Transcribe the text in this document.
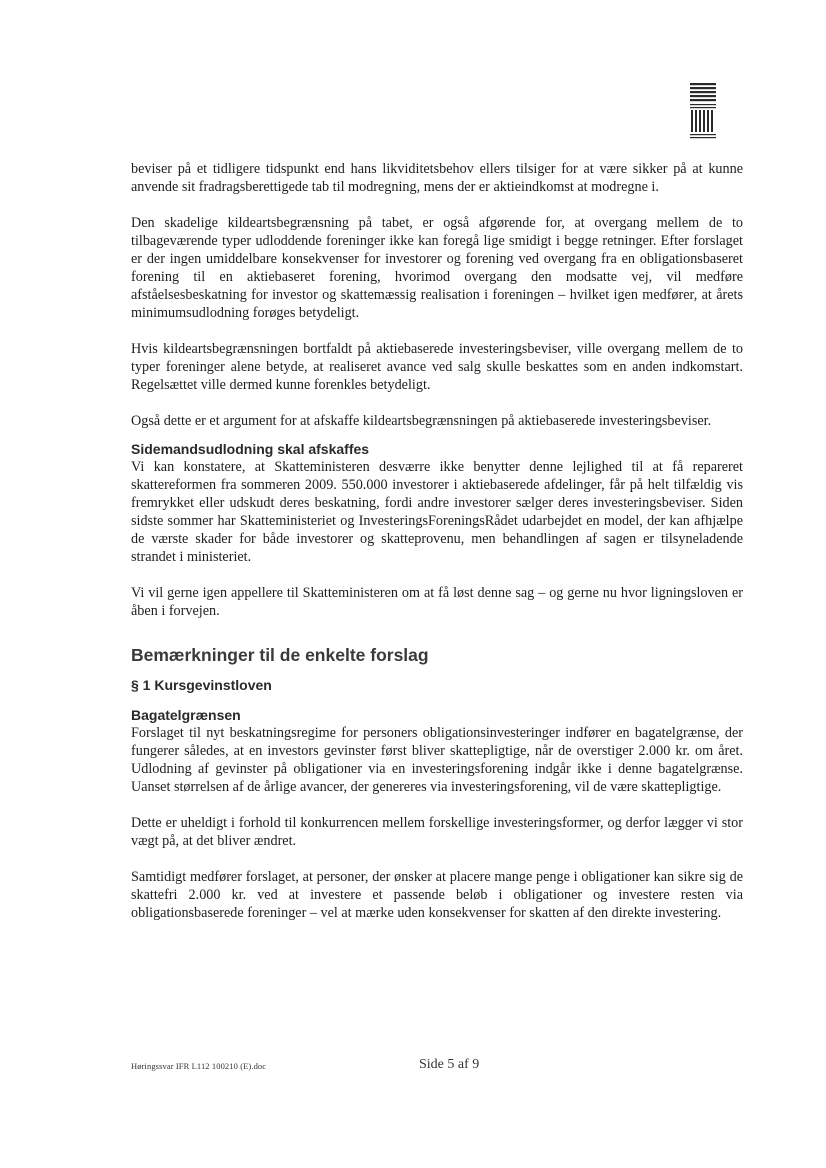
beviser på et tidligere tidspunkt end hans likviditetsbehov ellers tilsiger for at være sikker på at kunne anvende sit fradragsberettigede tab til modregning, mens der er aktieindkomst at modregne i.

Den skadelige kildeartsbegrænsning på tabet, er også afgørende for, at overgang mellem de to tilbageværende typer udloddende foreninger ikke kan foregå lige smidigt i begge retninger. Efter forslaget er der ingen umiddelbare konsekvenser for investorer og forening ved overgang fra en obligationsbaseret forening til en aktiebaseret forening, hvorimod overgang den modsatte vej, vil medføre afståelsesbeskatning for investor og skattemæssig realisation i foreningen – hvilket igen medfører, at årets minimumsudlodning forøges betydeligt.

Hvis kildeartsbegrænsningen bortfaldt på aktiebaserede investeringsbeviser, ville overgang mellem de to typer foreninger alene betyde, at realiseret avance ved salg skulle beskattes som en anden indkomstart. Regelsættet ville dermed kunne forenkles betydeligt.

Også dette er et argument for at afskaffe kildeartsbegrænsningen på aktiebaserede investeringsbeviser.

Sidemandsudlodning skal afskaffes

Vi kan konstatere, at Skatteministeren desværre ikke benytter denne lejlighed til at få repareret skattereformen fra sommeren 2009. 550.000 investorer i aktiebaserede afdelinger, får på helt tilfældig vis fremrykket eller udskudt deres beskatning, fordi andre investorer sælger deres investeringsbeviser. Siden sidste sommer har Skatteministeriet og InvesteringsForeningsRådet udarbejdet en model, der kan afhjælpe de værste skader for både investorer og skatteprovenu, men behandlingen af sagen er tilsyneladende strandet i ministeriet.

Vi vil gerne igen appellere til Skatteministeren om at få løst denne sag – og gerne nu hvor ligningsloven er åben i forvejen.

Bemærkninger til de enkelte forslag
§ 1 Kursgevinstloven
Bagatelgrænsen

Forslaget til nyt beskatningsregime for personers obligationsinvesteringer indfører en bagatelgrænse, der fungerer således, at en investors gevinster først bliver skattepligtige, når de overstiger 2.000 kr. om året. Udlodning af gevinster på obligationer via en investeringsforening indgår ikke i denne bagatelgrænse. Uanset størrelsen af de årlige avancer, der genereres via investeringsforening, vil de være skattepligtige.

Dette er uheldigt i forhold til konkurrencen mellem forskellige investeringsformer, og derfor lægger vi stor vægt på, at det bliver ændret.

Samtidigt medfører forslaget, at personer, der ønsker at placere mange penge i obligationer kan sikre sig de skattefri 2.000 kr. ved at investere et passende beløb i obligationer og investere resten via obligationsbaserede foreninger – vel at mærke uden konsekvenser for skatten af den direkte investering.

Høringssvar IFR L112 100210 (E).doc	Side 5 af 9
